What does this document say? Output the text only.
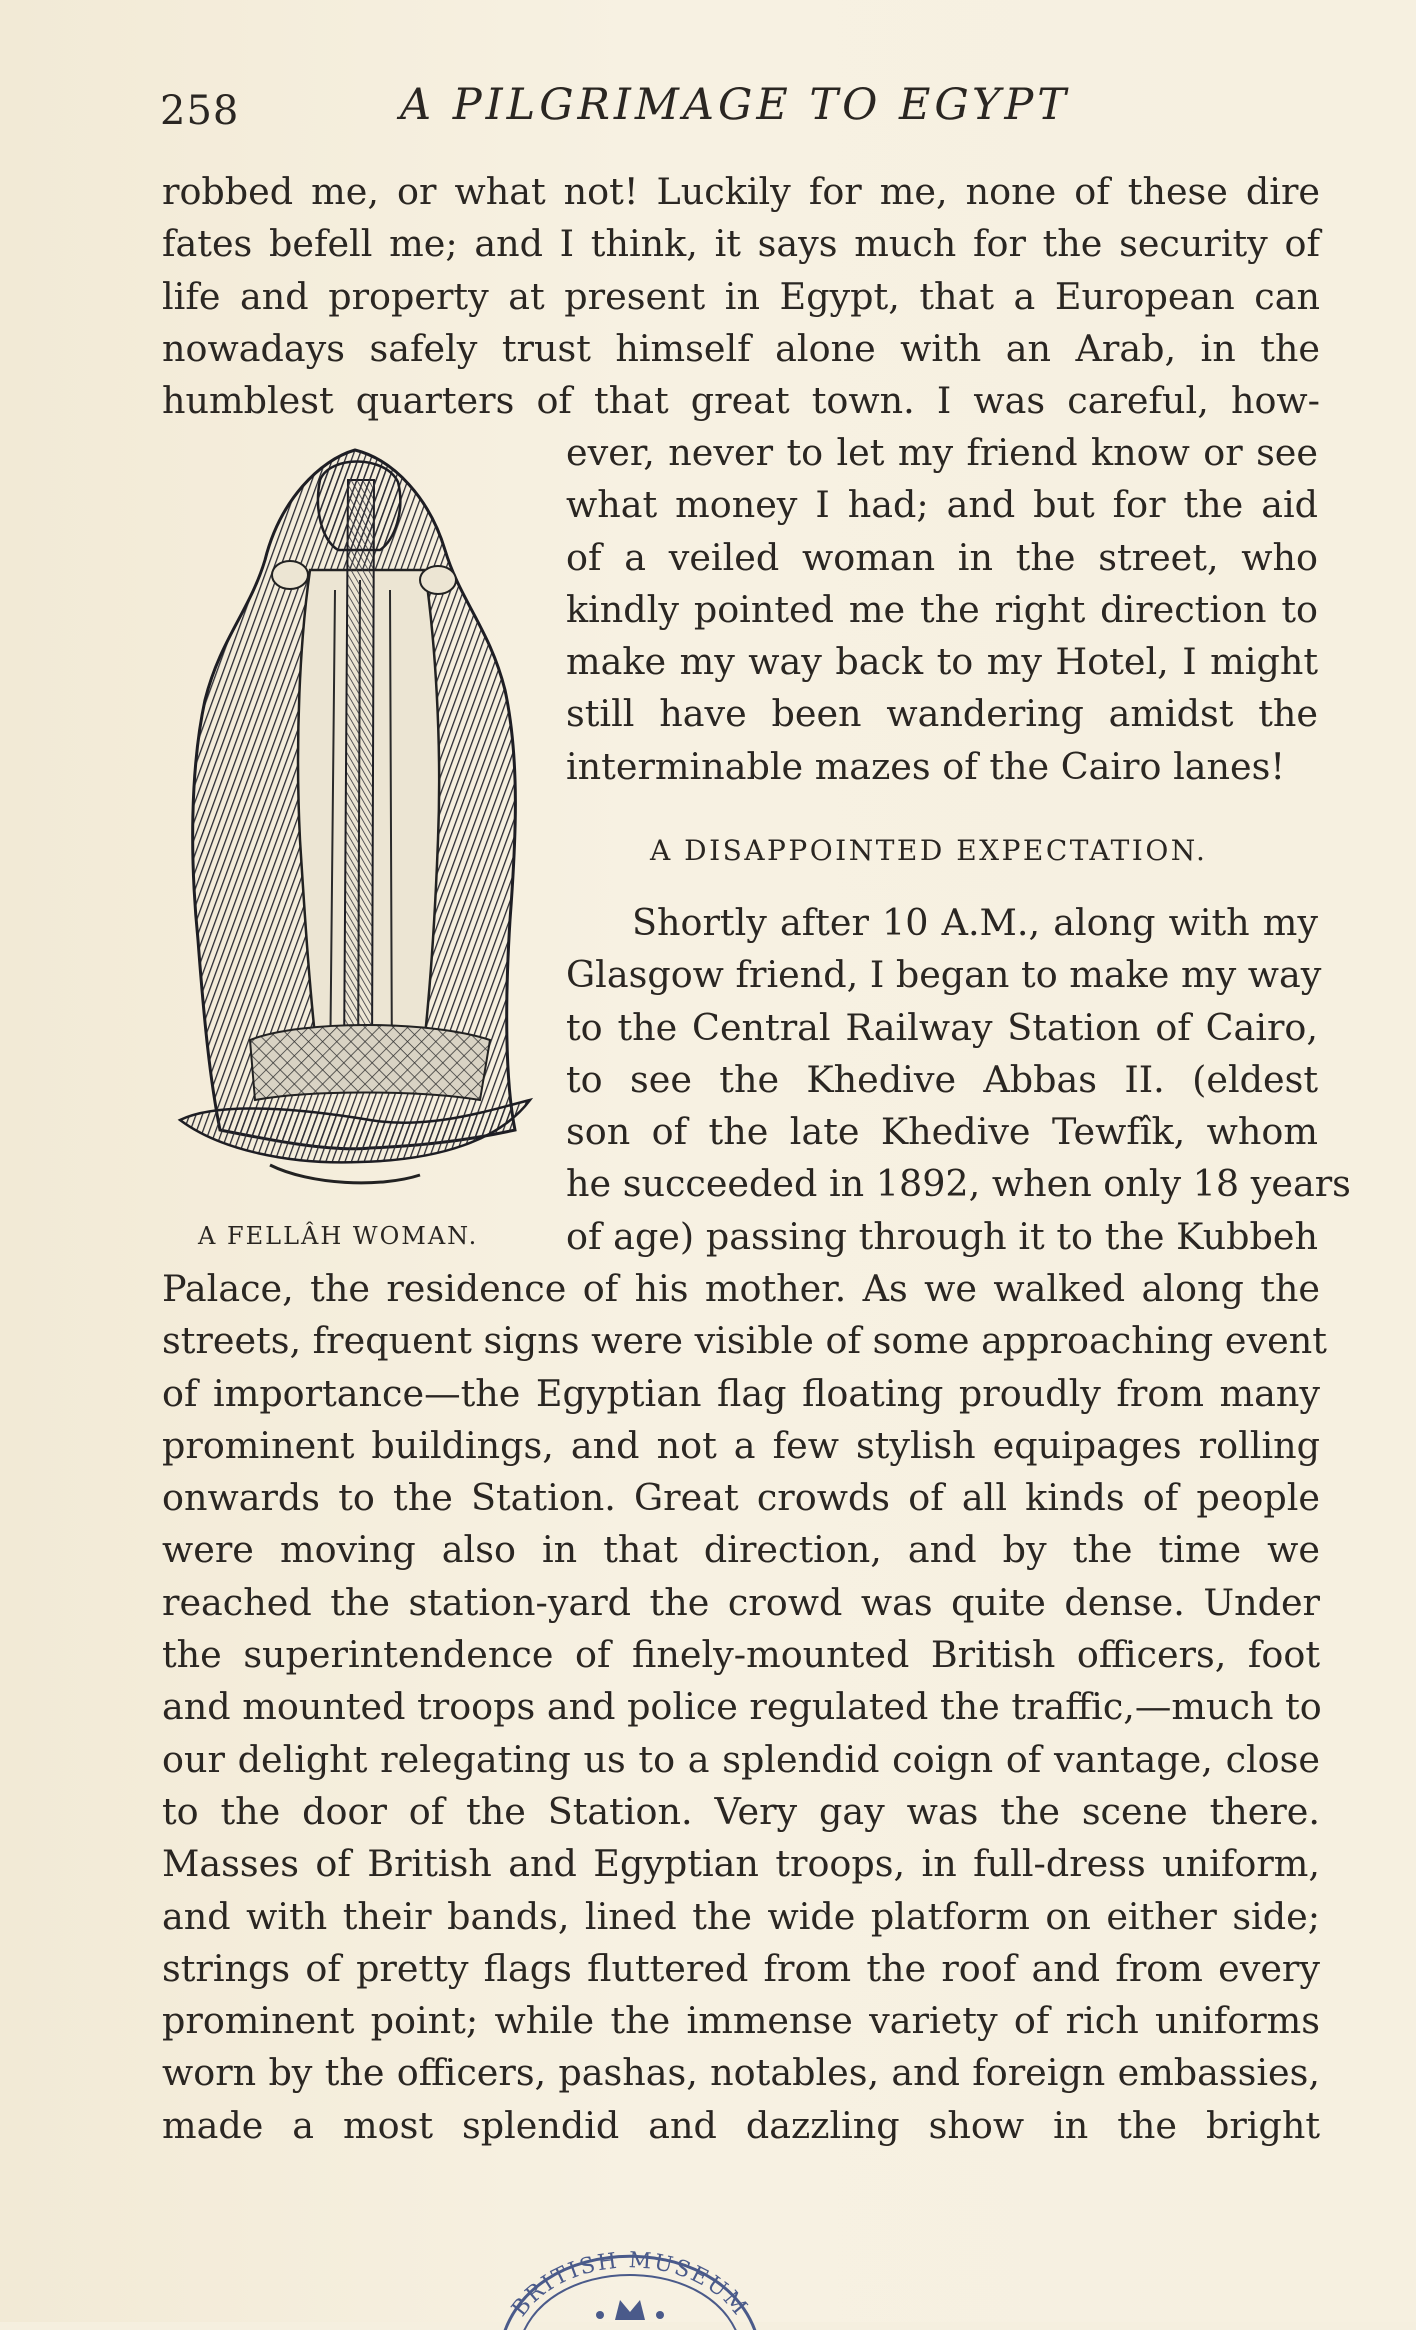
258	A PILGRIMAGE TO EGYPT
robbed me, or what not! Luckily for me, none of these dire
fates befell me; and I think, it says much for the security of
life and property at present in Egypt, that a European can
nowadays safely trust himself alone with an Arab, in the
humblest quarters of that great town. I was careful, how-
ever, never to let my friend know or see
what money I had; and but for the aid
of a veiled woman in the street, who
kindly pointed me the right direction to
make my way back to my Hotel, I might
still have been wandering amidst the
interminable mazes of the Cairo lanes!
A DISAPPOINTED EXPECTATION.
Shortly after 10 A.M., along with my
Glasgow friend, I began to make my way
to the Central Railway Station of Cairo,
to see the Khedive Abbas II. (eldest
son of the late Khedive Tewfîk, whom
he succeeded in 1892, when only 18 years
of age) passing through it to the Kubbeh
A FELLÂH WOMAN.
Palace, the residence of his mother. As we walked along the
streets, frequent signs were visible of some approaching event
of importance—the Egyptian flag floating proudly from many
prominent buildings, and not a few stylish equipages rolling
onwards to the Station. Great crowds of all kinds of people
were moving also in that direction, and by the time we
reached the station-yard the crowd was quite dense. Under
the superintendence of finely-mounted British officers, foot
and mounted troops and police regulated the traffic,—much to
our delight relegating us to a splendid coign of vantage, close
to the door of the Station. Very gay was the scene there.
Masses of British and Egyptian troops, in full-dress uniform,
and with their bands, lined the wide platform on either side;
strings of pretty flags fluttered from the roof and from every
prominent point; while the immense variety of rich uniforms
worn by the officers, pashas, notables, and foreign embassies,
made a most splendid and dazzling show in the bright
BRITISH MUSEUM
